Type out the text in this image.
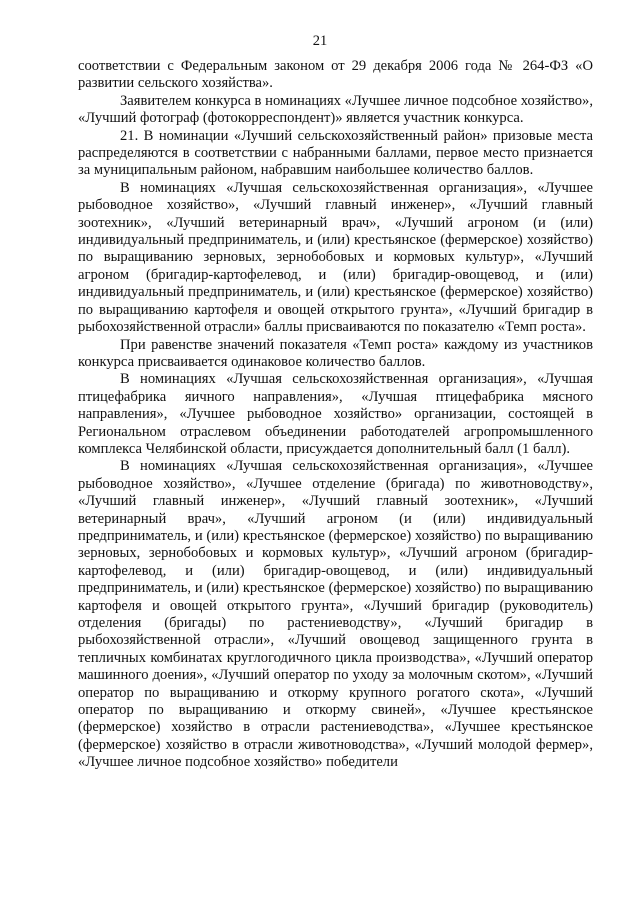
21

соответствии с Федеральным законом от 29 декабря 2006 года № 264-ФЗ «О развитии сельского хозяйства».

Заявителем конкурса в номинациях «Лучшее личное подсобное хозяйство», «Лучший фотограф (фотокорреспондент)» является участник конкурса.

21. В номинации «Лучший сельскохозяйственный район» призовые места распределяются в соответствии с набранными баллами, первое место признается за муниципальным районом, набравшим наибольшее количество баллов.

В номинациях «Лучшая сельскохозяйственная организация», «Лучшее рыбоводное хозяйство», «Лучший главный инженер», «Лучший главный зоотехник», «Лучший ветеринарный врач», «Лучший агроном (и (или) индивидуальный предприниматель, и (или) крестьянское (фермерское) хозяйство) по выращиванию зерновых, зернобобовых и кормовых культур», «Лучший агроном (бригадир-картофелевод, и (или) бригадир-овощевод, и (или) индивидуальный предприниматель, и (или) крестьянское (фермерское) хозяйство) по выращиванию картофеля и овощей открытого грунта», «Лучший бригадир в рыбохозяйственной отрасли» баллы присваиваются по показателю «Темп роста».

При равенстве значений показателя «Темп роста» каждому из участников конкурса присваивается одинаковое количество баллов.

В номинациях «Лучшая сельскохозяйственная организация», «Лучшая птицефабрика яичного направления», «Лучшая птицефабрика мясного направления», «Лучшее рыбоводное хозяйство» организации, состоящей в Региональном отраслевом объединении работодателей агропромышленного комплекса Челябинской области, присуждается дополнительный балл (1 балл).

В номинациях «Лучшая сельскохозяйственная организация», «Лучшее рыбоводное хозяйство», «Лучшее отделение (бригада) по животноводству», «Лучший главный инженер», «Лучший главный зоотехник», «Лучший ветеринарный врач», «Лучший агроном (и (или) индивидуальный предприниматель, и (или) крестьянское (фермерское) хозяйство) по выращиванию зерновых, зернобобовых и кормовых культур», «Лучший агроном (бригадир-картофелевод, и (или) бригадир-овощевод, и (или) индивидуальный предприниматель, и (или) крестьянское (фермерское) хозяйство) по выращиванию картофеля и овощей открытого грунта», «Лучший бригадир (руководитель) отделения (бригады) по растениеводству», «Лучший бригадир в рыбохозяйственной отрасли», «Лучший овощевод защищенного грунта в тепличных комбинатах круглогодичного цикла производства», «Лучший оператор машинного доения», «Лучший оператор по уходу за молочным скотом», «Лучший оператор по выращиванию и откорму крупного рогатого скота», «Лучший оператор по выращиванию и откорму свиней», «Лучшее крестьянское (фермерское) хозяйство в отрасли растениеводства», «Лучшее крестьянское (фермерское) хозяйство в отрасли животноводства», «Лучший молодой фермер», «Лучшее личное подсобное хозяйство» победители
